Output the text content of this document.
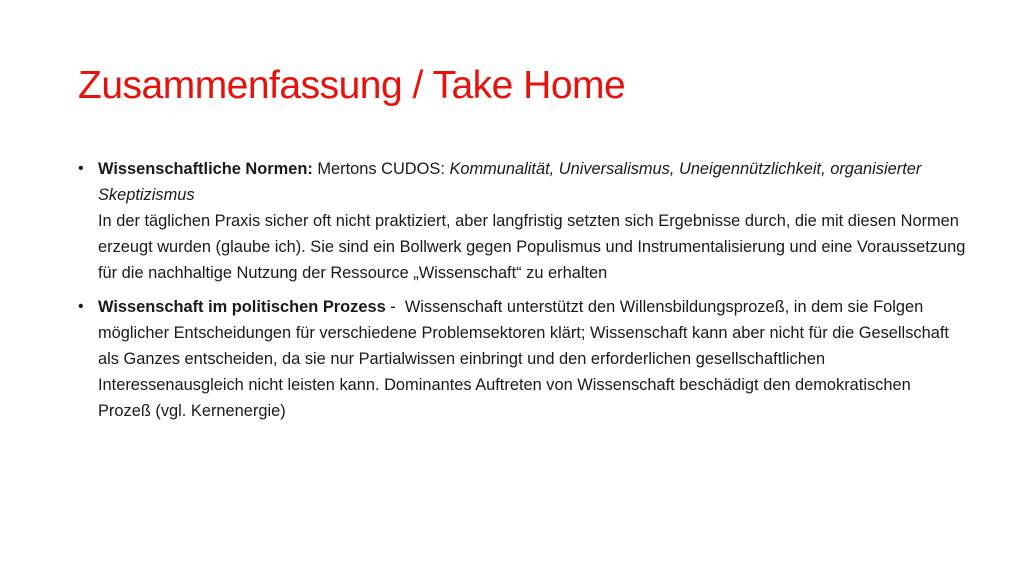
Zusammenfassung / Take Home
• Wissenschaftliche Normen: Mertons CUDOS: Kommunalität, Universalismus, Uneigennützlichkeit, organisierter Skeptizismus
In der täglichen Praxis sicher oft nicht praktiziert, aber langfristig setzten sich Ergebnisse durch, die mit diesen Normen erzeugt wurden (glaube ich). Sie sind ein Bollwerk gegen Populismus und Instrumentalisierung und eine Voraussetzung für die nachhaltige Nutzung der Ressource „Wissenschaft“ zu erhalten
• Wissenschaft im politischen Prozess -  Wissenschaft unterstützt den Willensbildungsprozeß, in dem sie Folgen möglicher Entscheidungen für verschiedene Problemsektoren klärt; Wissenschaft kann aber nicht für die Gesellschaft als Ganzes entscheiden, da sie nur Partialwissen einbringt und den erforderlichen gesellschaftlichen Interessenausgleich nicht leisten kann. Dominantes Auftreten von Wissenschaft beschädigt den demokratischen Prozeß (vgl. Kernenergie)
